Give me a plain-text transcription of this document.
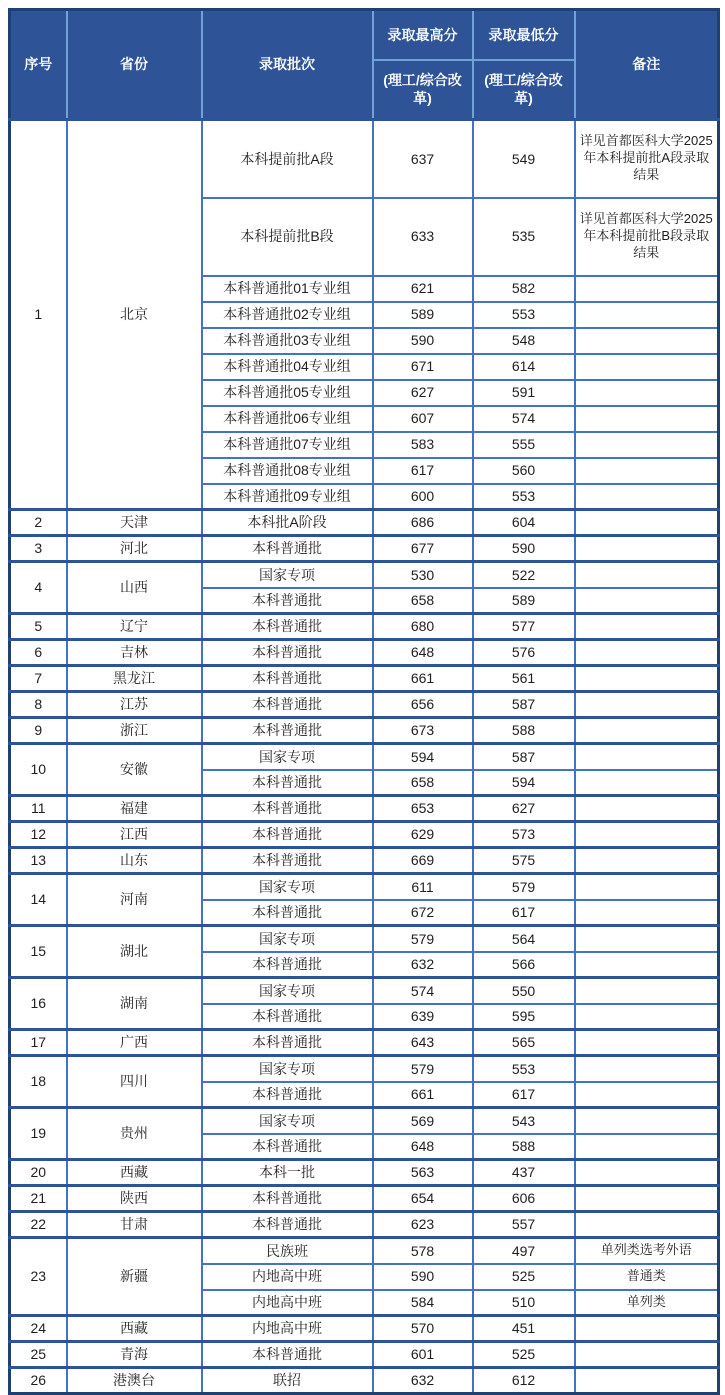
序号	省份	录取批次	录取最高分	录取最低分	备注
			(理工/综合改革)	(理工/综合改革)	
1	北京	本科提前批A段	637	549	详见首都医科大学2025年本科提前批A段录取结果
		本科提前批B段	633	535	详见首都医科大学2025年本科提前批B段录取结果
		本科普通批01专业组	621	582	
		本科普通批02专业组	589	553	
		本科普通批03专业组	590	548	
		本科普通批04专业组	671	614	
		本科普通批05专业组	627	591	
		本科普通批06专业组	607	574	
		本科普通批07专业组	583	555	
		本科普通批08专业组	617	560	
		本科普通批09专业组	600	553	
2	天津	本科批A阶段	686	604	
3	河北	本科普通批	677	590	
4	山西	国家专项	530	522	
		本科普通批	658	589	
5	辽宁	本科普通批	680	577	
6	吉林	本科普通批	648	576	
7	黑龙江	本科普通批	661	561	
8	江苏	本科普通批	656	587	
9	浙江	本科普通批	673	588	
10	安徽	国家专项	594	587	
		本科普通批	658	594	
11	福建	本科普通批	653	627	
12	江西	本科普通批	629	573	
13	山东	本科普通批	669	575	
14	河南	国家专项	611	579	
		本科普通批	672	617	
15	湖北	国家专项	579	564	
		本科普通批	632	566	
16	湖南	国家专项	574	550	
		本科普通批	639	595	
17	广西	本科普通批	643	565	
18	四川	国家专项	579	553	
		本科普通批	661	617	
19	贵州	国家专项	569	543	
		本科普通批	648	588	
20	西藏	本科一批	563	437	
21	陕西	本科普通批	654	606	
22	甘肃	本科普通批	623	557	
23	新疆	民族班	578	497	单列类选考外语
		内地高中班	590	525	普通类
		内地高中班	584	510	单列类
24	西藏	内地高中班	570	451	
25	青海	本科普通批	601	525	
26	港澳台	联招	632	612	
